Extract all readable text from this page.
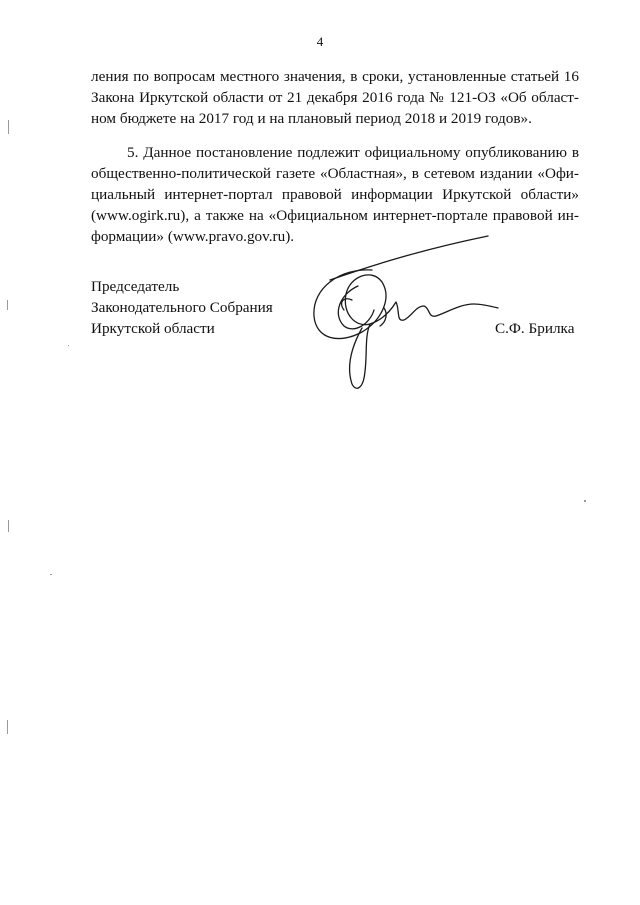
4
ления по вопросам местного значения, в сроки, установленные статьей 16
Закона Иркутской области от 21 декабря 2016 года № 121-ОЗ «Об област-
ном бюджете на 2017 год и на плановый период 2018 и 2019 годов».
5. Данное постановление подлежит официальному опубликованию в
общественно-политической газете «Областная», в сетевом издании «Офи-
циальный интернет-портал правовой информации Иркутской области»
(www.ogirk.ru), а также на «Официальном интернет-портале правовой ин-
формации» (www.pravo.gov.ru).
Председатель
Законодательного Собрания
Иркутской области	С.Ф. Брилка
